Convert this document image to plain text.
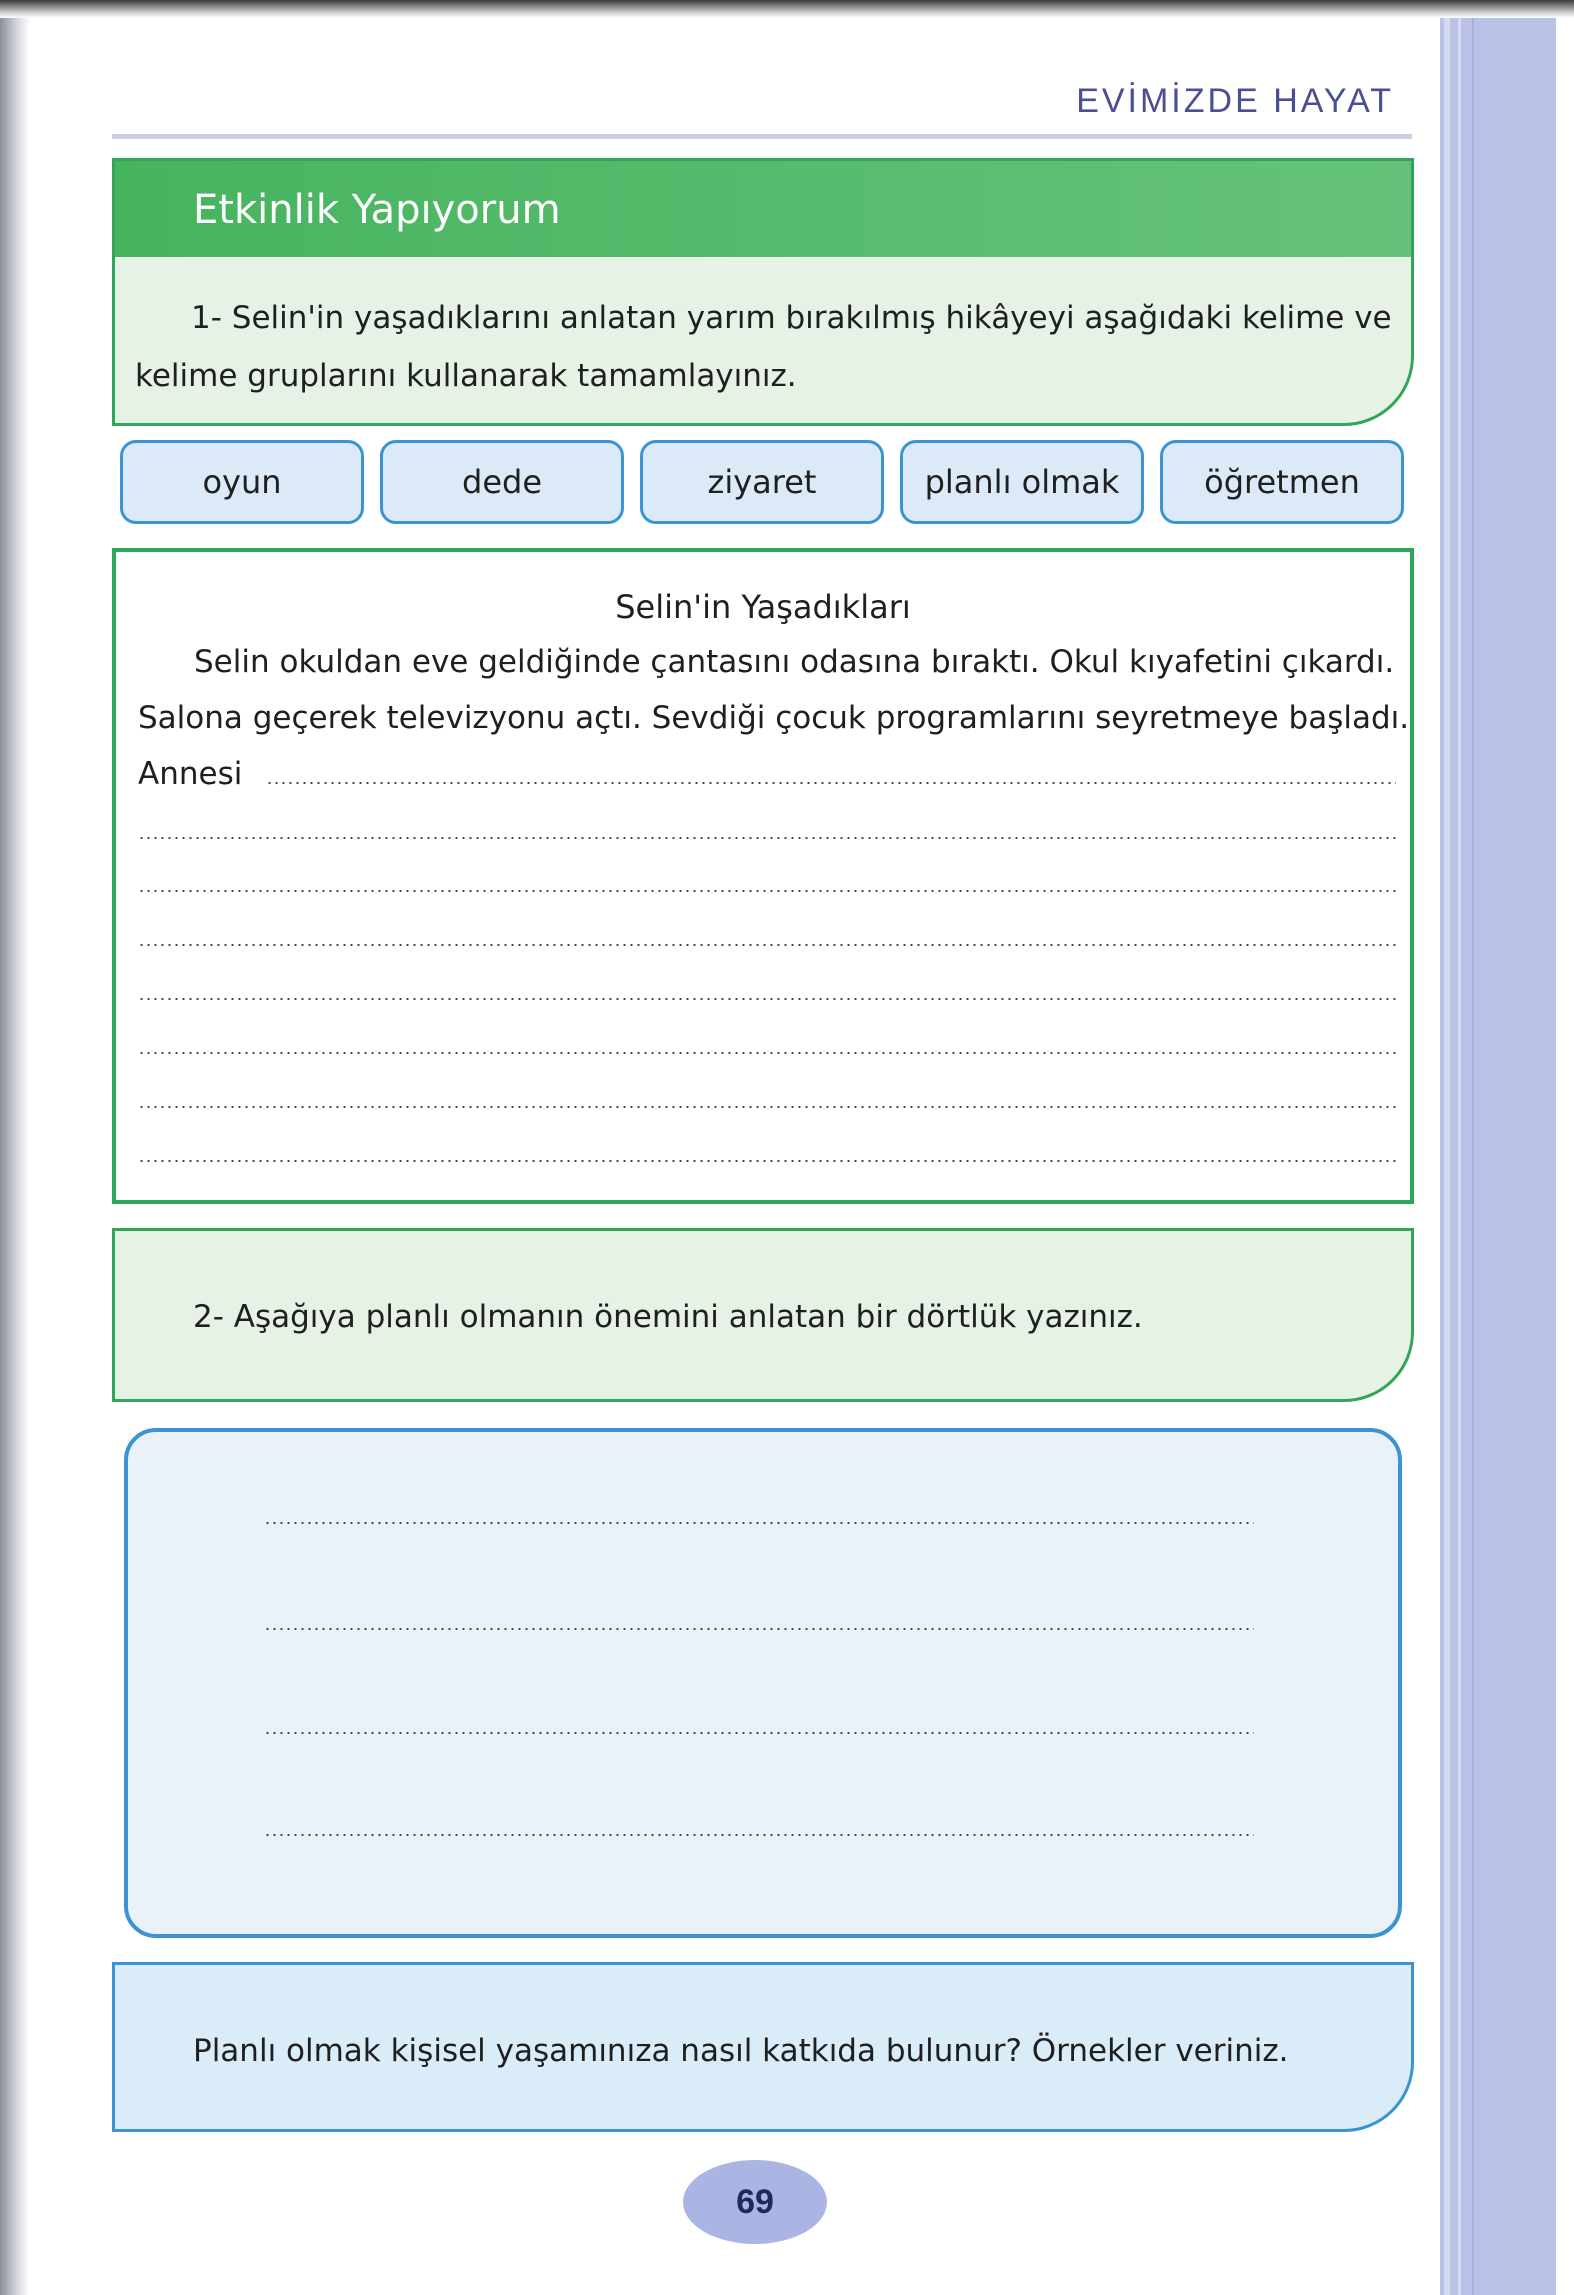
EVİMİZDE HAYAT
Etkinlik Yapıyorum
1- Selin'in yaşadıklarını anlatan yarım bırakılmış hikâyeyi aşağıdaki kelime ve kelime gruplarını kullanarak tamamlayınız.
oyun	dede	ziyaret	planlı olmak	öğretmen
Selin'in Yaşadıkları
Selin okuldan eve geldiğinde çantasını odasına bıraktı. Okul kıyafetini çıkardı.
Salona geçerek televizyonu açtı. Sevdiği çocuk programlarını seyretmeye başladı.
Annesi
2- Aşağıya planlı olmanın önemini anlatan bir dörtlük yazınız.
Planlı olmak kişisel yaşamınıza nasıl katkıda bulunur? Örnekler veriniz.
69
